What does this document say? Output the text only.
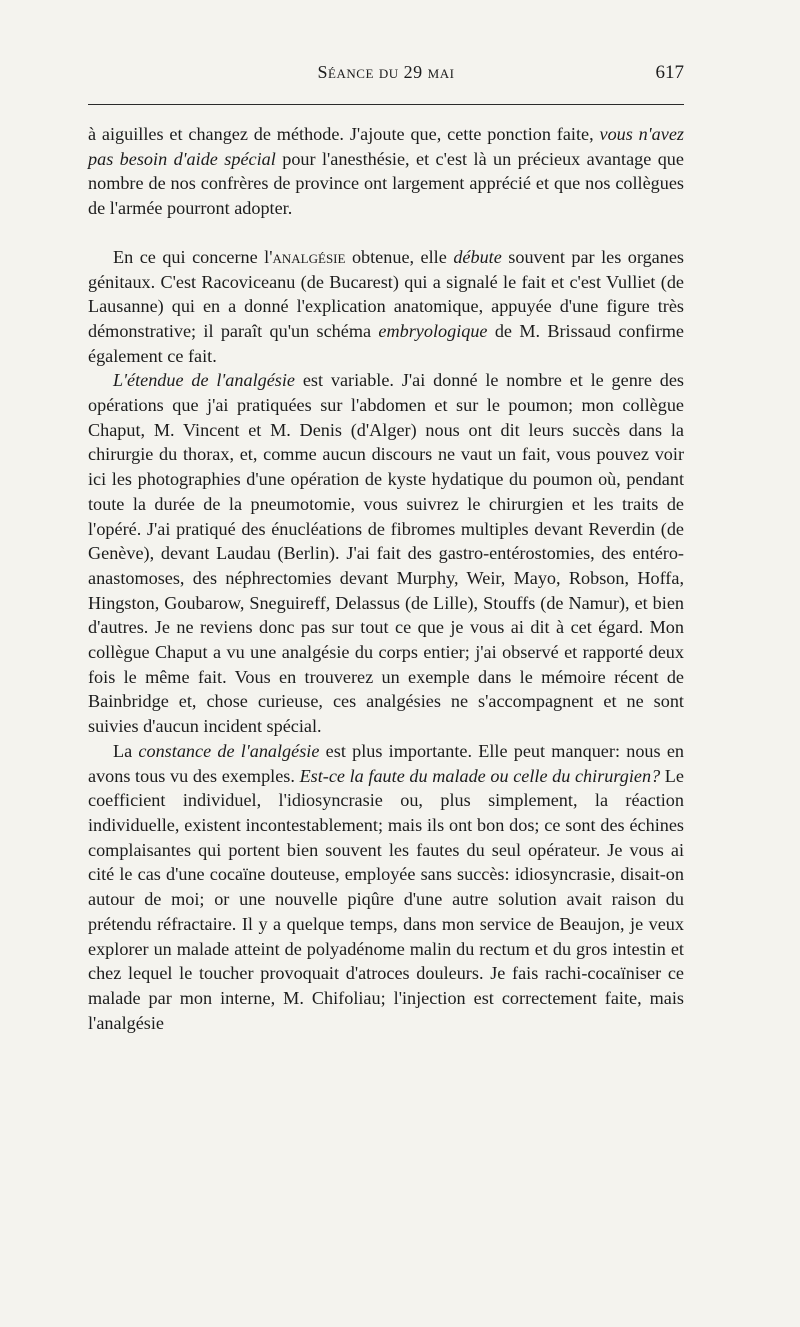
Séance du 29 mai	617

à aiguilles et changez de méthode. J'ajoute que, cette ponction faite, vous n'avez pas besoin d'aide spécial pour l'anesthésie, et c'est là un précieux avantage que nombre de nos confrères de province ont largement apprécié et que nos collègues de l'armée pourront adopter.

En ce qui concerne l'analgésie obtenue, elle débute souvent par les organes génitaux. C'est Racoviceanu (de Bucarest) qui a signalé le fait et c'est Vulliet (de Lausanne) qui en a donné l'explication anatomique, appuyée d'une figure très démonstrative; il paraît qu'un schéma embryologique de M. Brissaud confirme également ce fait.

L'étendue de l'analgésie est variable. J'ai donné le nombre et le genre des opérations que j'ai pratiquées sur l'abdomen et sur le poumon; mon collègue Chaput, M. Vincent et M. Denis (d'Alger) nous ont dit leurs succès dans la chirurgie du thorax, et, comme aucun discours ne vaut un fait, vous pouvez voir ici les photographies d'une opération de kyste hydatique du poumon où, pendant toute la durée de la pneumotomie, vous suivrez le chirurgien et les traits de l'opéré. J'ai pratiqué des énucléations de fibromes multiples devant Reverdin (de Genève), devant Laudau (Berlin). J'ai fait des gastro-entérostomies, des entéro-anastomoses, des néphrectomies devant Murphy, Weir, Mayo, Robson, Hoffa, Hingston, Goubarow, Sneguireff, Delassus (de Lille), Stouffs (de Namur), et bien d'autres. Je ne reviens donc pas sur tout ce que je vous ai dit à cet égard. Mon collègue Chaput a vu une analgésie du corps entier; j'ai observé et rapporté deux fois le même fait. Vous en trouverez un exemple dans le mémoire récent de Bainbridge et, chose curieuse, ces analgésies ne s'accompagnent et ne sont suivies d'aucun incident spécial.

La constance de l'analgésie est plus importante. Elle peut manquer: nous en avons tous vu des exemples. Est-ce la faute du malade ou celle du chirurgien? Le coefficient individuel, l'idiosyncrasie ou, plus simplement, la réaction individuelle, existent incontestablement; mais ils ont bon dos; ce sont des échines complaisantes qui portent bien souvent les fautes du seul opérateur. Je vous ai cité le cas d'une cocaïne douteuse, employée sans succès: idiosyncrasie, disait-on autour de moi; or une nouvelle piqûre d'une autre solution avait raison du prétendu réfractaire. Il y a quelque temps, dans mon service de Beaujon, je veux explorer un malade atteint de polyadénome malin du rectum et du gros intestin et chez lequel le toucher provoquait d'atroces douleurs. Je fais rachi-cocaïniser ce malade par mon interne, M. Chifoliau; l'injection est correctement faite, mais l'analgésie
